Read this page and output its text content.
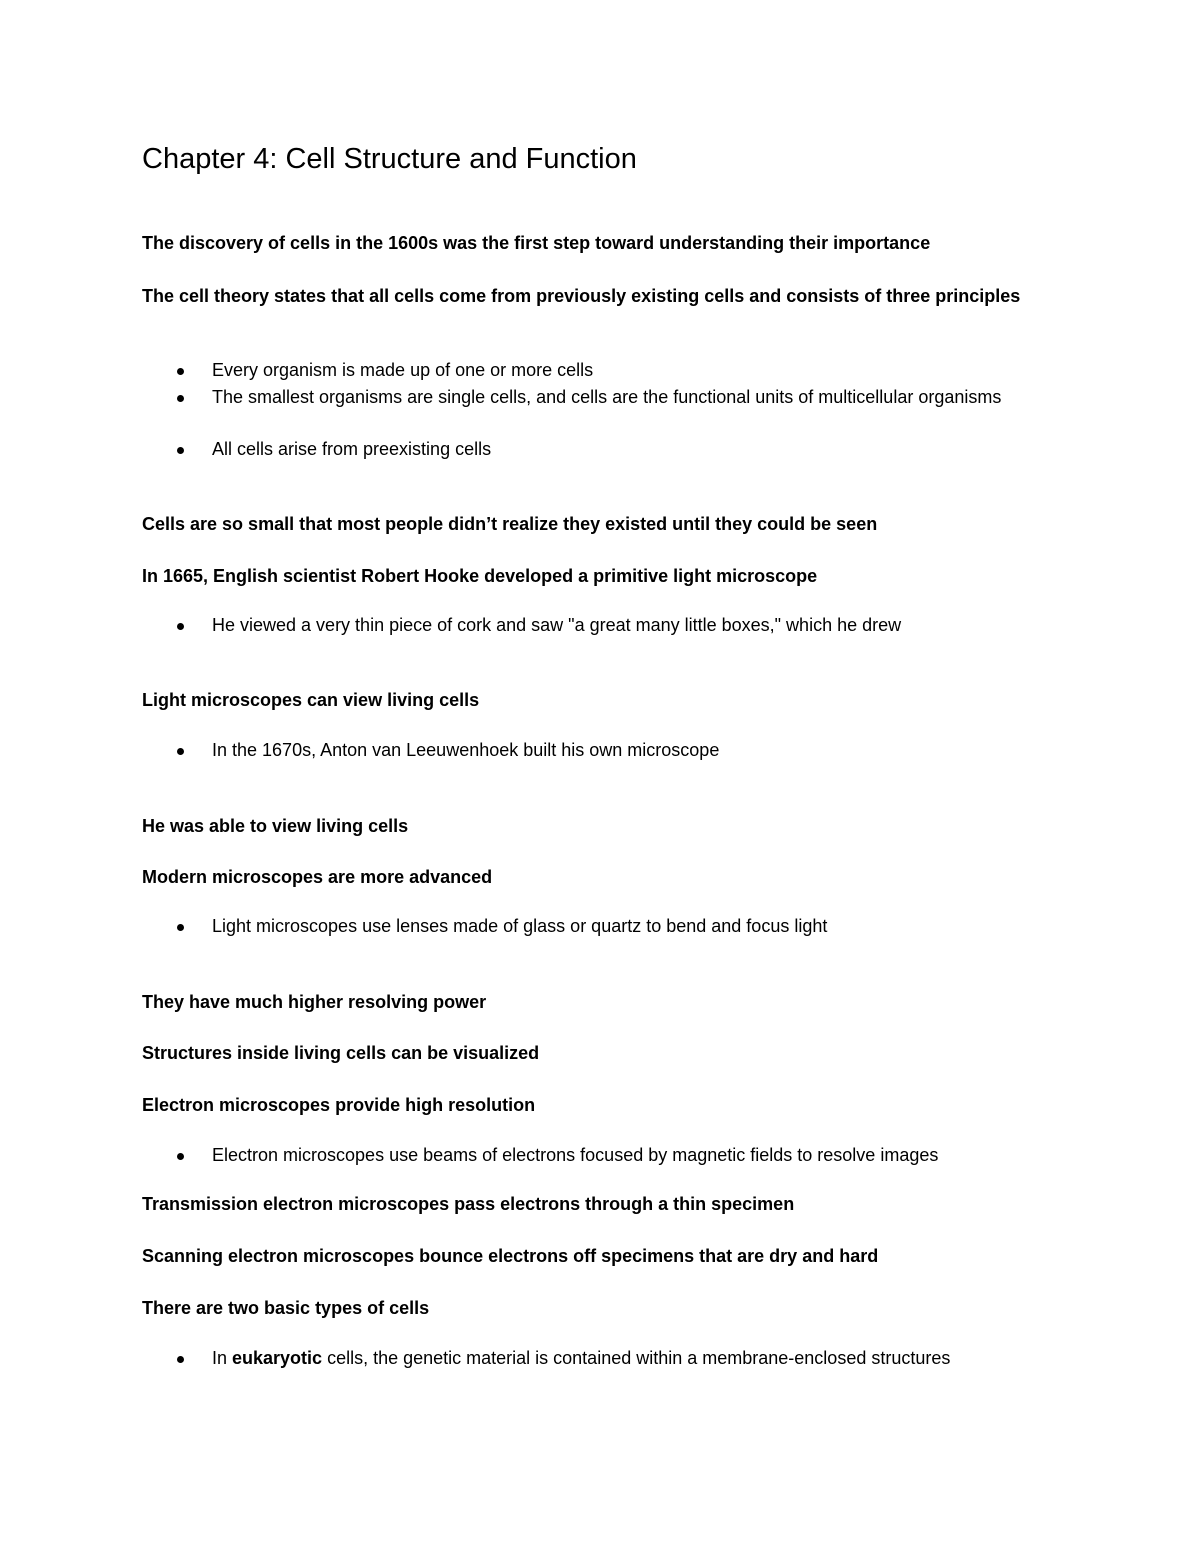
Chapter 4: Cell Structure and Function

The discovery of cells in the 1600s was the first step toward understanding their importance

The cell theory states that all cells come from previously existing cells and consists of three principles

Every organism is made up of one or more cells
The smallest organisms are single cells, and cells are the functional units of multicellular organisms
All cells arise from preexisting cells

Cells are so small that most people didn’t realize they existed until they could be seen

In 1665, English scientist Robert Hooke developed a primitive light microscope

He viewed a very thin piece of cork and saw "a great many little boxes," which he drew

Light microscopes can view living cells

In the 1670s, Anton van Leeuwenhoek built his own microscope

He was able to view living cells

Modern microscopes are more advanced

Light microscopes use lenses made of glass or quartz to bend and focus light

They have much higher resolving power

Structures inside living cells can be visualized

Electron microscopes provide high resolution

Electron microscopes use beams of electrons focused by magnetic fields to resolve images

Transmission electron microscopes pass electrons through a thin specimen

Scanning electron microscopes bounce electrons off specimens that are dry and hard

There are two basic types of cells

In eukaryotic cells, the genetic material is contained within a membrane-enclosed structures
